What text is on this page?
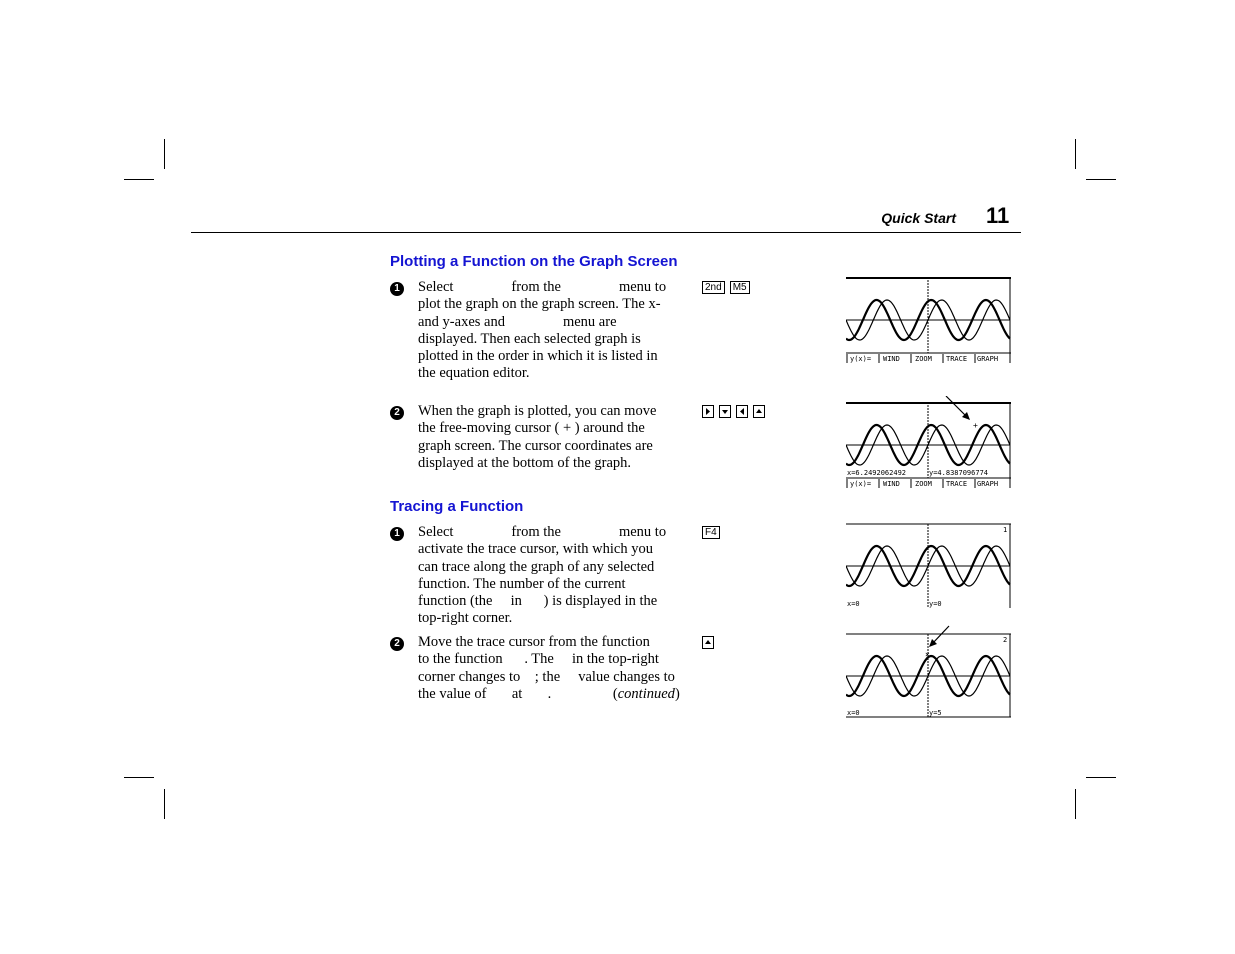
Quick Start 11
Plotting a Function on the Graph Screen
1 Select                from the                menu to
plot the graph on the graph screen. The x-
and y-axes and                menu are
displayed. Then each selected graph is
plotted in the order in which it is listed in
the equation editor.
2nd	M5
y(x)= WIND ZOOM TRACE GRAPH
2 When the graph is plotted, you can move
the free-moving cursor ( + ) around the
graph screen. The cursor coordinates are
displayed at the bottom of the graph.
+
x=6.2492062492	y=4.8387096774
y(x)= WIND ZOOM TRACE GRAPH
Tracing a Function
1 Select                from the                menu to
activate the trace cursor, with which you
can trace along the graph of any selected
function. The number of the current
function (the     in      ) is displayed in the
top-right corner.
F4	1
x=0	y=0
2 Move the trace cursor from the function
to the function      . The     in the top-right
corner changes to    ; the     value changes to
the value of       at       .                 (continued)
×
2
x=0	y=5
